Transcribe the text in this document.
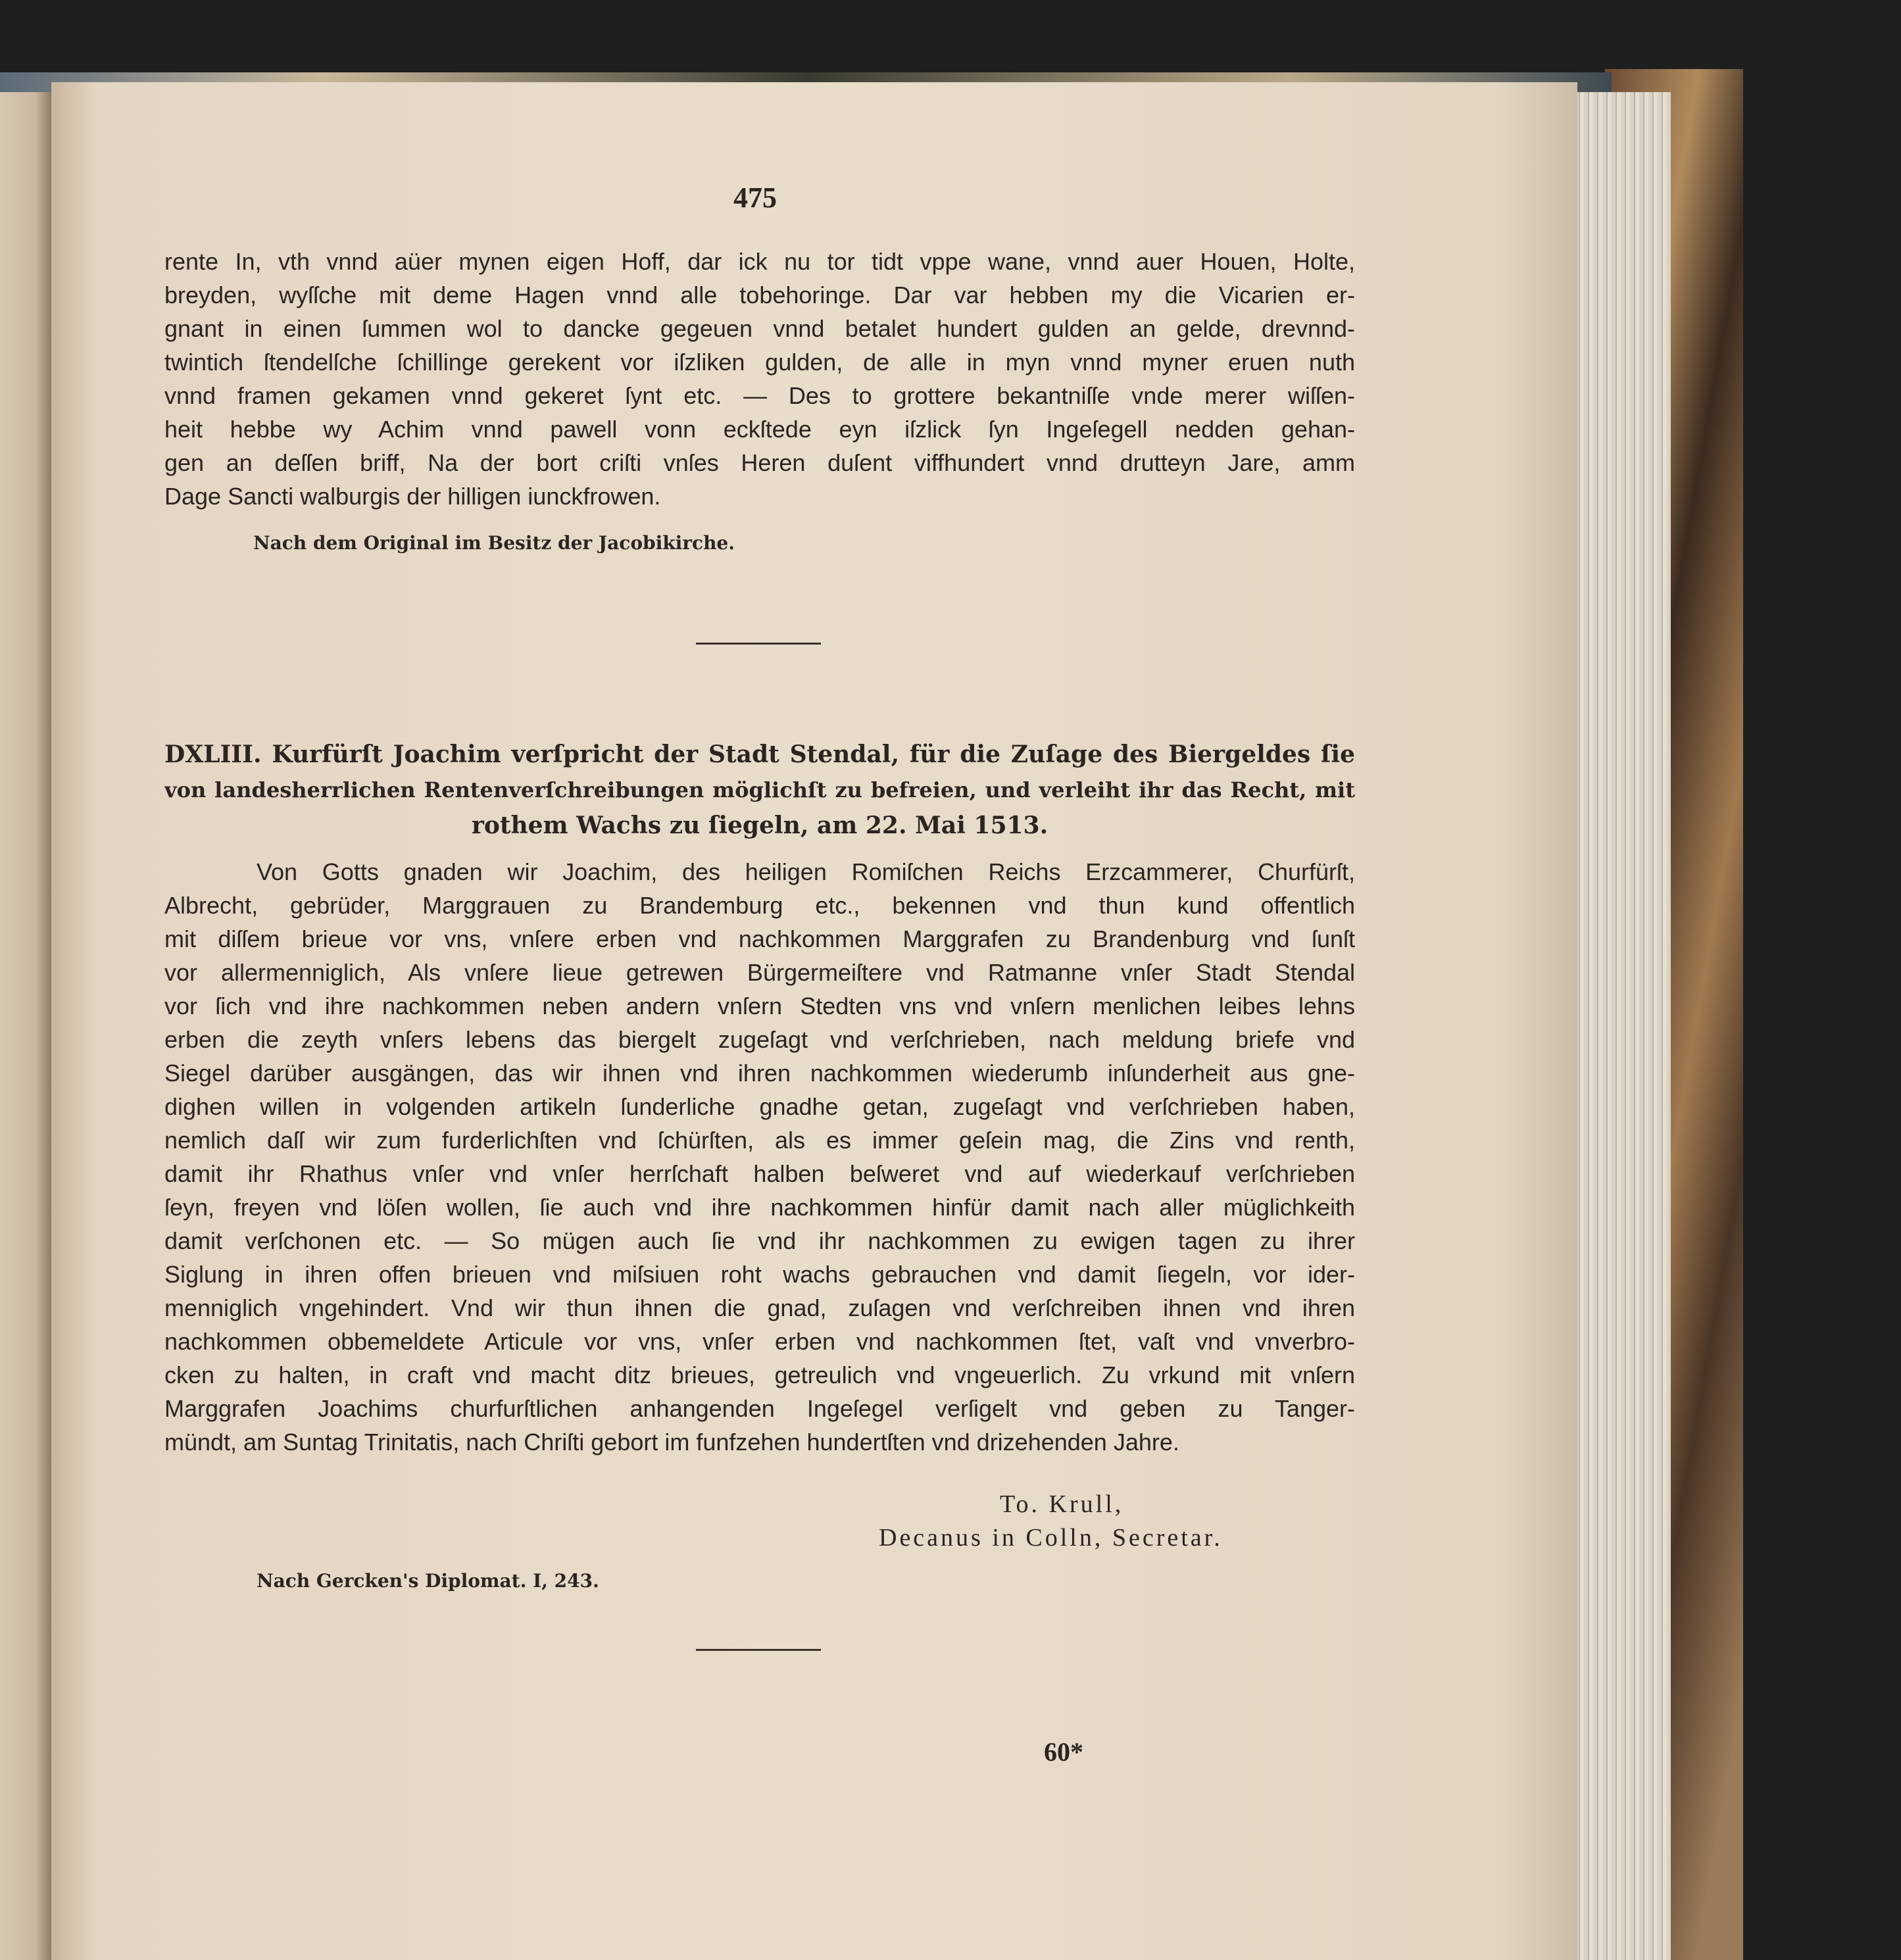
475
rente In, vth vnnd aüer mynen eigen Hoff, dar ick nu tor tidt vppe wane, vnnd auer Houen, Holte,
breyden, wyſſche mit deme Hagen vnnd alle tobehoringe. Dar var hebben my die Vicarien er-
gnant in einen ſummen wol to dancke gegeuen vnnd betalet hundert gulden an gelde, drevnnd-
twintich ſtendelſche ſchillinge gerekent vor iſzliken gulden, de alle in myn vnnd myner eruen nuth
vnnd framen gekamen vnnd gekeret ſynt etc. — Des to grottere bekantniſſe vnde merer wiſſen-
heit hebbe wy Achim vnnd pawell vonn eckſtede eyn iſzlick ſyn Ingeſegell nedden gehan-
gen an deſſen briff, Na der bort criſti vnſes Heren duſent viffhundert vnnd drutteyn Jare, amm
Dage Sancti walburgis der hilligen iunckfrowen.
Nach dem Original im Besitz der Jacobikirche.
DXLIII. Kurfürſt Joachim verſpricht der Stadt Stendal, für die Zuſage des Biergeldes ſie
von landesherrlichen Rentenverſchreibungen möglichſt zu befreien, und verleiht ihr das Recht, mit
rothem Wachs zu ſiegeln, am 22. Mai 1513.
Von Gotts gnaden wir Joachim, des heiligen Romiſchen Reichs Erzcammerer, Churfürſt,
Albrecht, gebrüder, Marggrauen zu Brandemburg etc., bekennen vnd thun kund offentlich
mit diſſem brieue vor vns, vnſere erben vnd nachkommen Marggrafen zu Brandenburg vnd ſunſt
vor allermenniglich, Als vnſere lieue getrewen Bürgermeiſtere vnd Ratmanne vnſer Stadt Stendal
vor ſich vnd ihre nachkommen neben andern vnſern Stedten vns vnd vnſern menlichen leibes lehns
erben die zeyth vnſers lebens das biergelt zugeſagt vnd verſchrieben, nach meldung briefe vnd
Siegel darüber ausgängen, das wir ihnen vnd ihren nachkommen wiederumb inſunderheit aus gne-
dighen willen in volgenden artikeln ſunderliche gnadhe getan, zugeſagt vnd verſchrieben haben,
nemlich daſſ wir zum furderlichſten vnd ſchürſten, als es immer geſein mag, die Zins vnd renth,
damit ihr Rhathus vnſer vnd vnſer herrſchaft halben beſweret vnd auf wiederkauf verſchrieben
ſeyn, freyen vnd löſen wollen, ſie auch vnd ihre nachkommen hinfür damit nach aller müglichkeith
damit verſchonen etc. — So mügen auch ſie vnd ihr nachkommen zu ewigen tagen zu ihrer
Siglung in ihren offen brieuen vnd miſsiuen roht wachs gebrauchen vnd damit ſiegeln, vor ider-
menniglich vngehindert. Vnd wir thun ihnen die gnad, zuſagen vnd verſchreiben ihnen vnd ihren
nachkommen obbemeldete Articule vor vns, vnſer erben vnd nachkommen ſtet, vaſt vnd vnverbro-
cken zu halten, in craft vnd macht ditz brieues, getreulich vnd vngeuerlich. Zu vrkund mit vnſern
Marggrafen Joachims churfurſtlichen anhangenden Ingeſegel verſigelt vnd geben zu Tanger-
mündt, am Suntag Trinitatis, nach Chriſti gebort im funfzehen hundertſten vnd drizehenden Jahre.
To. Krull,
Decanus in Colln, Secretar.
Nach Gercken's Diplomat. I, 243.
60*
